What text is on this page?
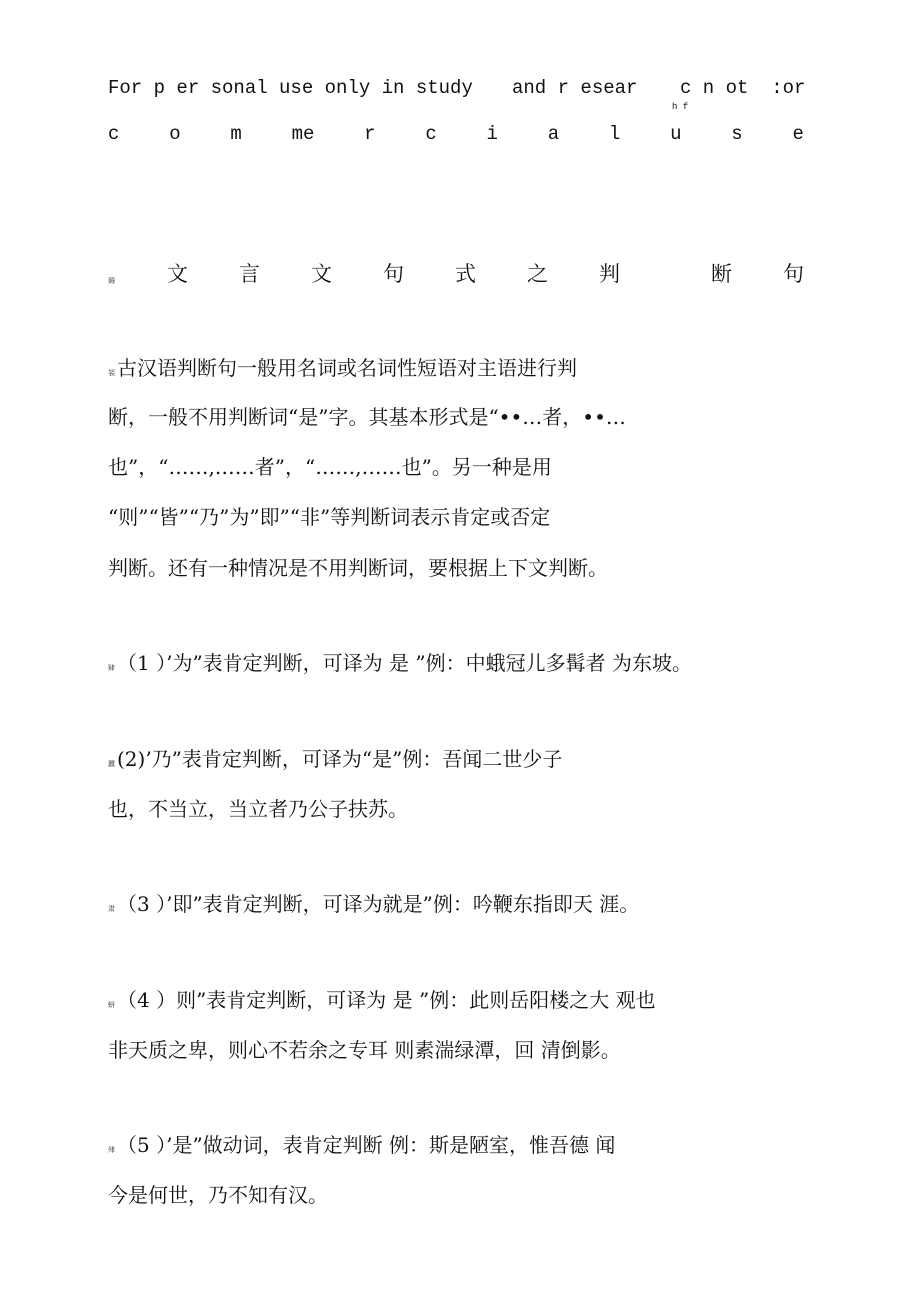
For p er sonal use only in study and r esear c n ot  :or
h f
c	o	m	me	r	c	i	a	l	u	s	e
薅 文 言 文 句 式 之 判	断 句
袈 古汉语判断句一般用名词或名词性短语对主语进行判
断，一般不用判断词“是”字。其基本形式是“••…者，••…
也”，“……,……者”，“……,……也”。另一种是用
“则”“皆”“乃”为”即”“非”等判断词表示肯定或否定
判断。还有一种情况是不用判断词，要根据上下文判断。
肄 （1 ）’为”表肯定判断，可译为 是 ”例：中蛾冠儿多髯者 为东坡。
蠶 (2)’乃”表肯定判断，可译为“是”例：吾闻二世少子
也，不当立，当立者乃公子扶苏。
肃 （3 ）’即”表肯定判断，可译为就是”例：吟鞭东指即天 涯。
蚈 （4 ）则”表肯定判断，可译为 是 ”例：此则岳阳楼之大 观也
非天质之卑，则心不若余之专耳 则素湍绿潭，回 清倒影。
肂 （5 ）’是”做动词，表肯定判断 例：斯是陋室，惟吾德 闻
今是何世，乃不知有汉。
